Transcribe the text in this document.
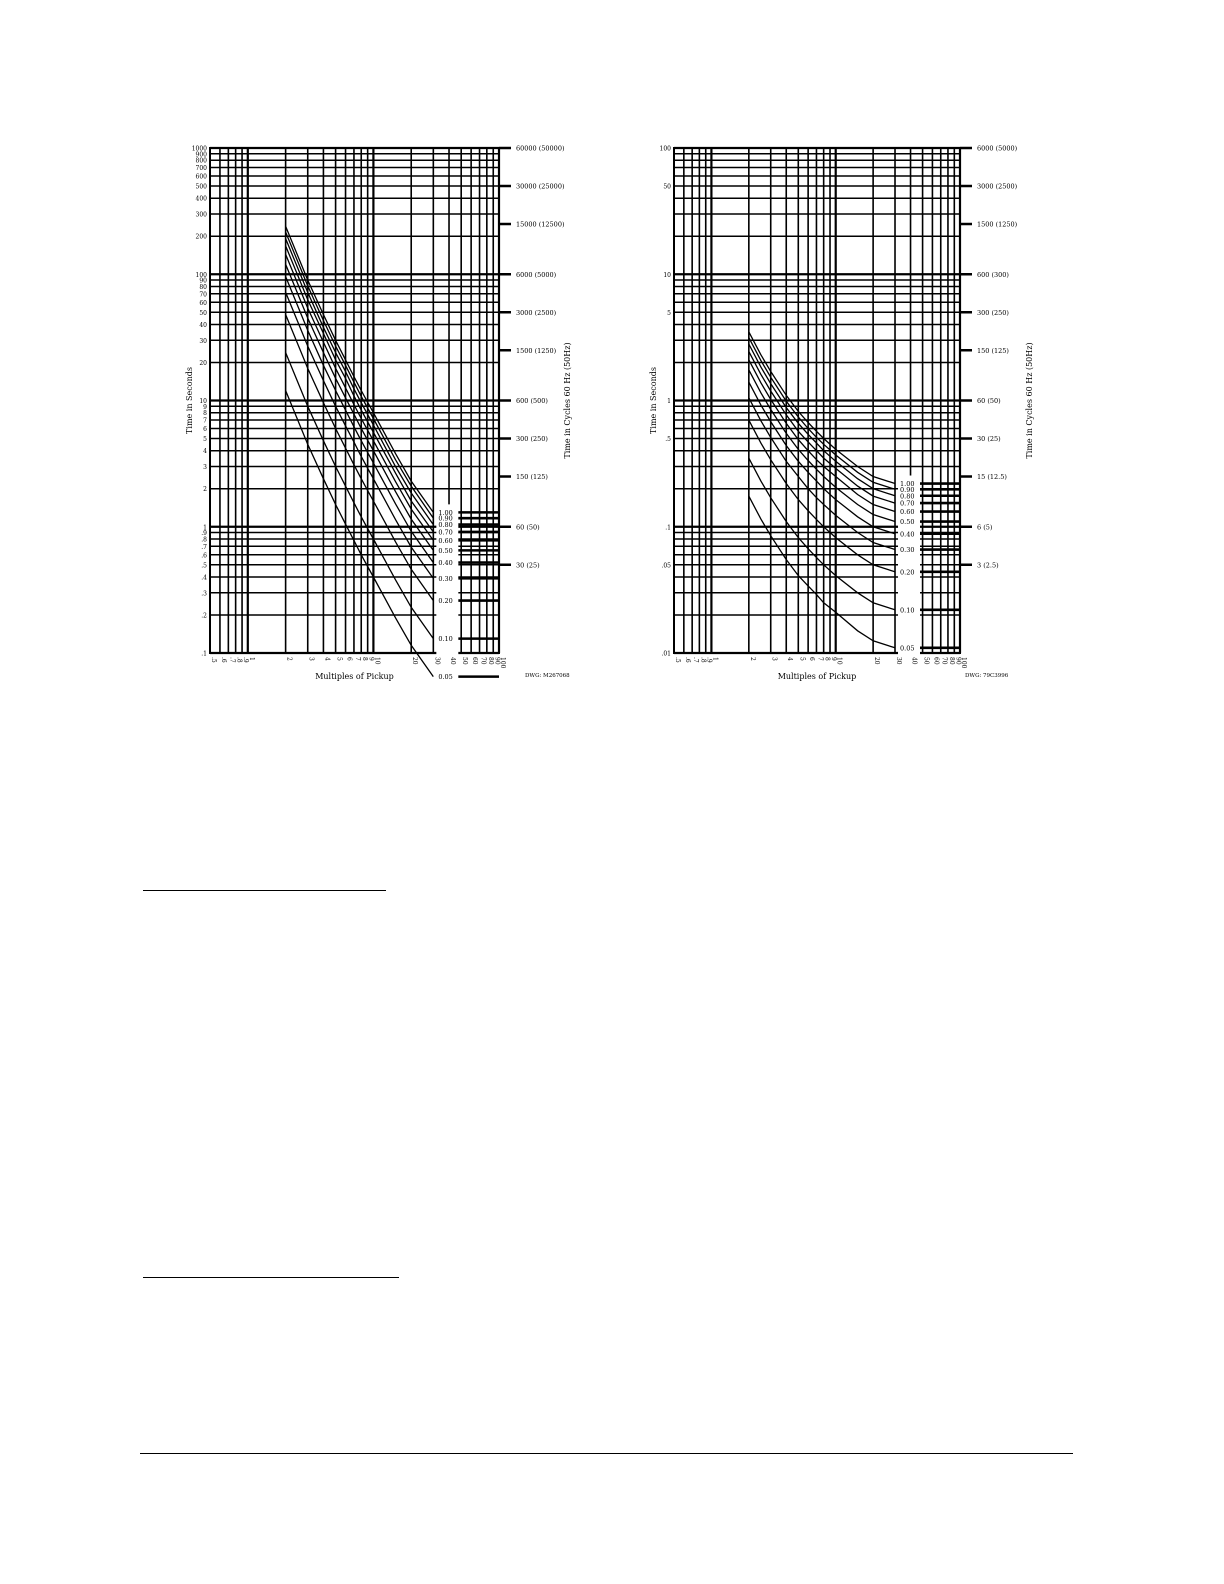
1.00
0.90
0.80
0.70
0.60
0.50
0.40
0.30
0.20
0.10
0.05
.1
.2
.3
.4
.5
.6
.7
.8
.9
1
2
3
4
5
6
7
8
9
10
20
30
40
50
60
70
80
90
100
200
300
400
500
600
700
800
900
1000	60000 (50000)
30000 (25000)
15000 (12500)
6000 (5000)
3000 (2500)
1500 (1250)
600 (500)
300 (250)
150 (125)
60 (50)
30 (25)
.5 .6 .7 .8 .9
1	2	3 4 5 6 7 8 9
10	20	30 40 50 60 70 80 90
100
Multiples of Pickup
Time in Seconds	Time in Cycles 60 Hz (50Hz)
DWG: M267068
1.00
0.90
0.80
0.70
0.60
0.50
0.40
0.30
0.20
0.10
0.05
.01
.05
.1
.5
1
5
10
50
100	6000 (5000)
3000 (2500)
1500 (1250)
600 (300)
300 (250)
150 (125)
60 (50)
30 (25)
15 (12.5)
6 (5)
3 (2.5)
.5 .6 .7 .8 .9
1	2 3 4 5 6 7 8 9
10	20 30 40 50 60 70 80 90
100
Multiples of Pickup
Time in Seconds	Time in Cycles 60 Hz (50Hz)
DWG: 79C3996
